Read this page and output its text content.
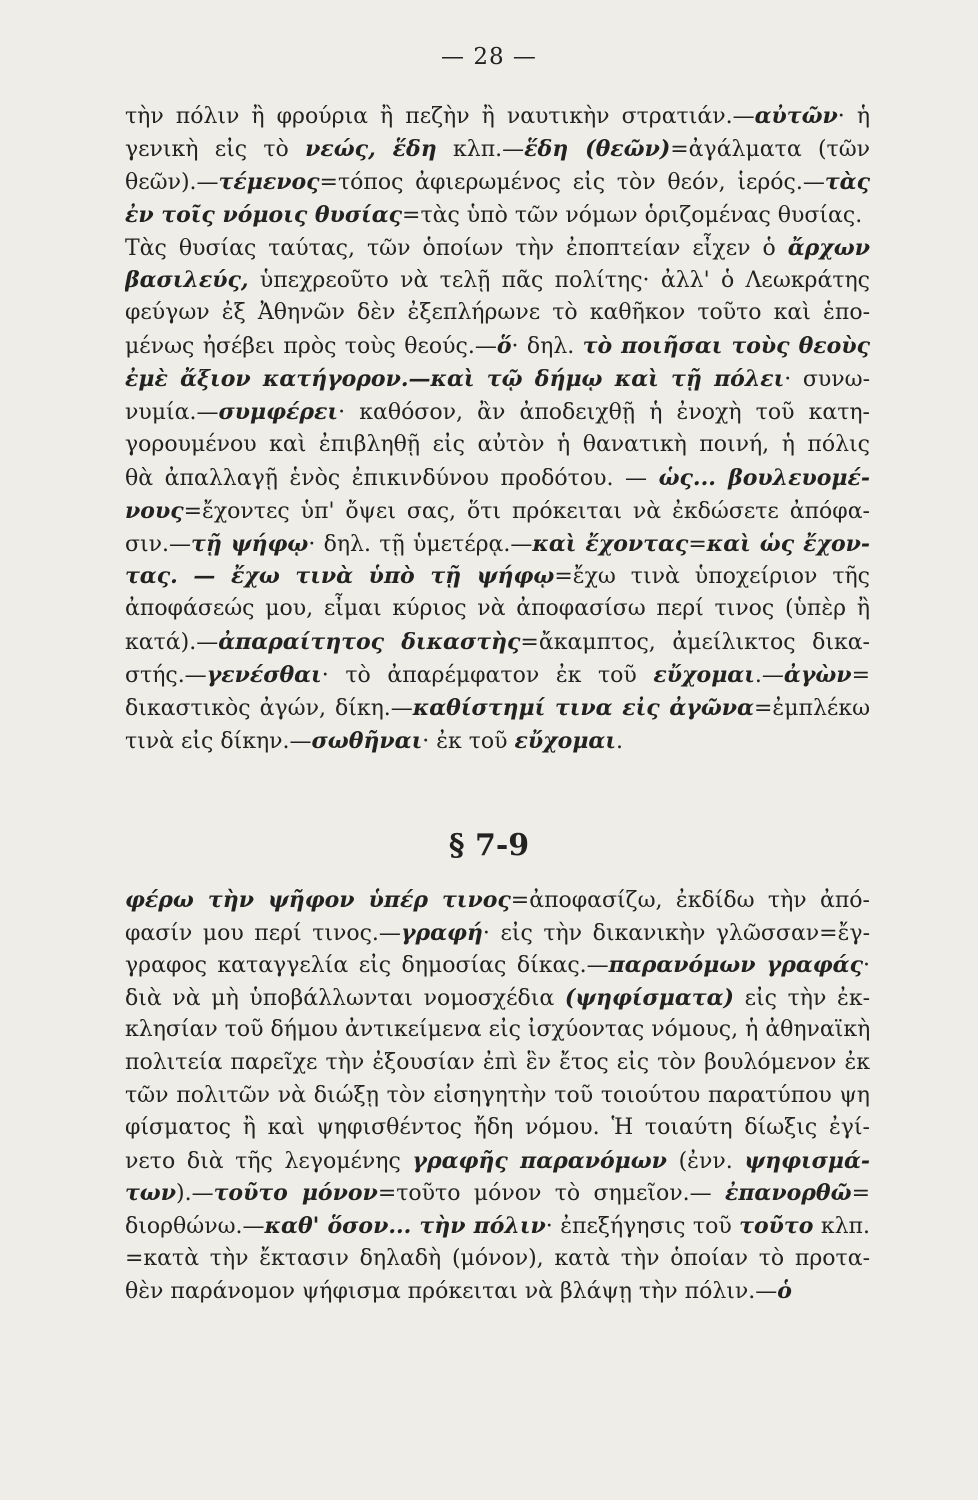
— 28 —
τὴν πόλιν ἢ φρούρια ἢ πεζὴν ἢ ναυτικὴν στρατιάν.—αὐτῶν· ἡ
γενικὴ εἰς τὸ νεώς, ἕδη κλπ.—ἕδη (θεῶν)=ἀγάλματα (τῶν
θεῶν).—τέμενος=τόπος ἀφιερωμένος εἰς τὸν θεόν, ἱερός.—τὰς
ἐν τοῖς νόμοις θυσίας=τὰς ὑπὸ τῶν νόμων ὁριζομένας θυσίας.
Τὰς θυσίας ταύτας, τῶν ὁποίων τὴν ἐποπτείαν εἶχεν ὁ ἄρχων
βασιλεύς, ὑπεχρεοῦτο νὰ τελῇ πᾶς πολίτης· ἀλλ' ὁ Λεωκράτης
φεύγων ἐξ Ἀθηνῶν δὲν ἐξεπλήρωνε τὸ καθῆκον τοῦτο καὶ ἑπο-
μένως ἠσέβει πρὸς τοὺς θεούς.—ὅ· δηλ. τὸ ποιῆσαι τοὺς θεοὺς
ἐμὲ ἄξιον κατήγορον.—καὶ τῷ δήμῳ καὶ τῇ πόλει· συνω-
νυμία.—συμφέρει· καθόσον, ἂν ἀποδειχθῇ ἡ ἐνοχὴ τοῦ κατη-
γορουμένου καὶ ἐπιβληθῇ εἰς αὐτὸν ἡ θανατικὴ ποινή, ἡ πόλις
θὰ ἀπαλλαγῇ ἑνὸς ἐπικινδύνου προδότου. — ὡς... βουλευομέ-
νους=ἔχοντες ὑπ' ὄψει σας, ὅτι πρόκειται νὰ ἐκδώσετε ἀπόφα-
σιν.—τῇ ψήφῳ· δηλ. τῇ ὑμετέρᾳ.—καὶ ἔχοντας=καὶ ὡς ἔχον-
τας. — ἔχω τινὰ ὑπὸ τῇ ψήφῳ=ἔχω τινὰ ὑποχείριον τῆς
ἀποφάσεώς μου, εἶμαι κύριος νὰ ἀποφασίσω περί τινος (ὑπὲρ ἢ
κατά).—ἀπαραίτητος δικαστὴς=ἄκαμπτος, ἀμείλικτος δικα-
στής.—γενέσθαι· τὸ ἀπαρέμφατον ἐκ τοῦ εὔχομαι.—ἀγὼν=
δικαστικὸς ἀγών, δίκη.—καθίστημί τινα εἰς ἀγῶνα=ἐμπλέκω
τινὰ εἰς δίκην.—σωθῆναι· ἐκ τοῦ εὔχομαι.
§ 7-9
φέρω τὴν ψῆφον ὑπέρ τινος=ἀποφασίζω, ἐκδίδω τὴν ἀπό-
φασίν μου περί τινος.—γραφή· εἰς τὴν δικανικὴν γλῶσσαν=ἔγ-
γραφος καταγγελία εἰς δημοσίας δίκας.—παρανόμων γραφάς·
διὰ νὰ μὴ ὑποβάλλωνται νομοσχέδια (ψηφίσματα) εἰς τὴν ἐκ-
κλησίαν τοῦ δήμου ἀντικείμενα εἰς ἰσχύοντας νόμους, ἡ ἀθηναϊκὴ
πολιτεία παρεῖχε τὴν ἐξουσίαν ἐπὶ ἓν ἔτος εἰς τὸν βουλόμενον ἐκ
τῶν πολιτῶν νὰ διώξῃ τὸν εἰσηγητὴν τοῦ τοιούτου παρατύπου ψη
φίσματος ἢ καὶ ψηφισθέντος ἤδη νόμου. Ἡ τοιαύτη δίωξις ἐγί-
νετο διὰ τῆς λεγομένης γραφῆς παρανόμων (ἐνν. ψηφισμά-
των).—τοῦτο μόνον=τοῦτο μόνον τὸ σημεῖον.— ἐπανορθῶ=
διορθώνω.—καθ' ὅσον... τὴν πόλιν· ἐπεξήγησις τοῦ τοῦτο κλπ.
=κατὰ τὴν ἔκτασιν δηλαδὴ (μόνον), κατὰ τὴν ὁποίαν τὸ προτα-
θὲν παράνομον ψήφισμα πρόκειται νὰ βλάψῃ τὴν πόλιν.—ὁ
